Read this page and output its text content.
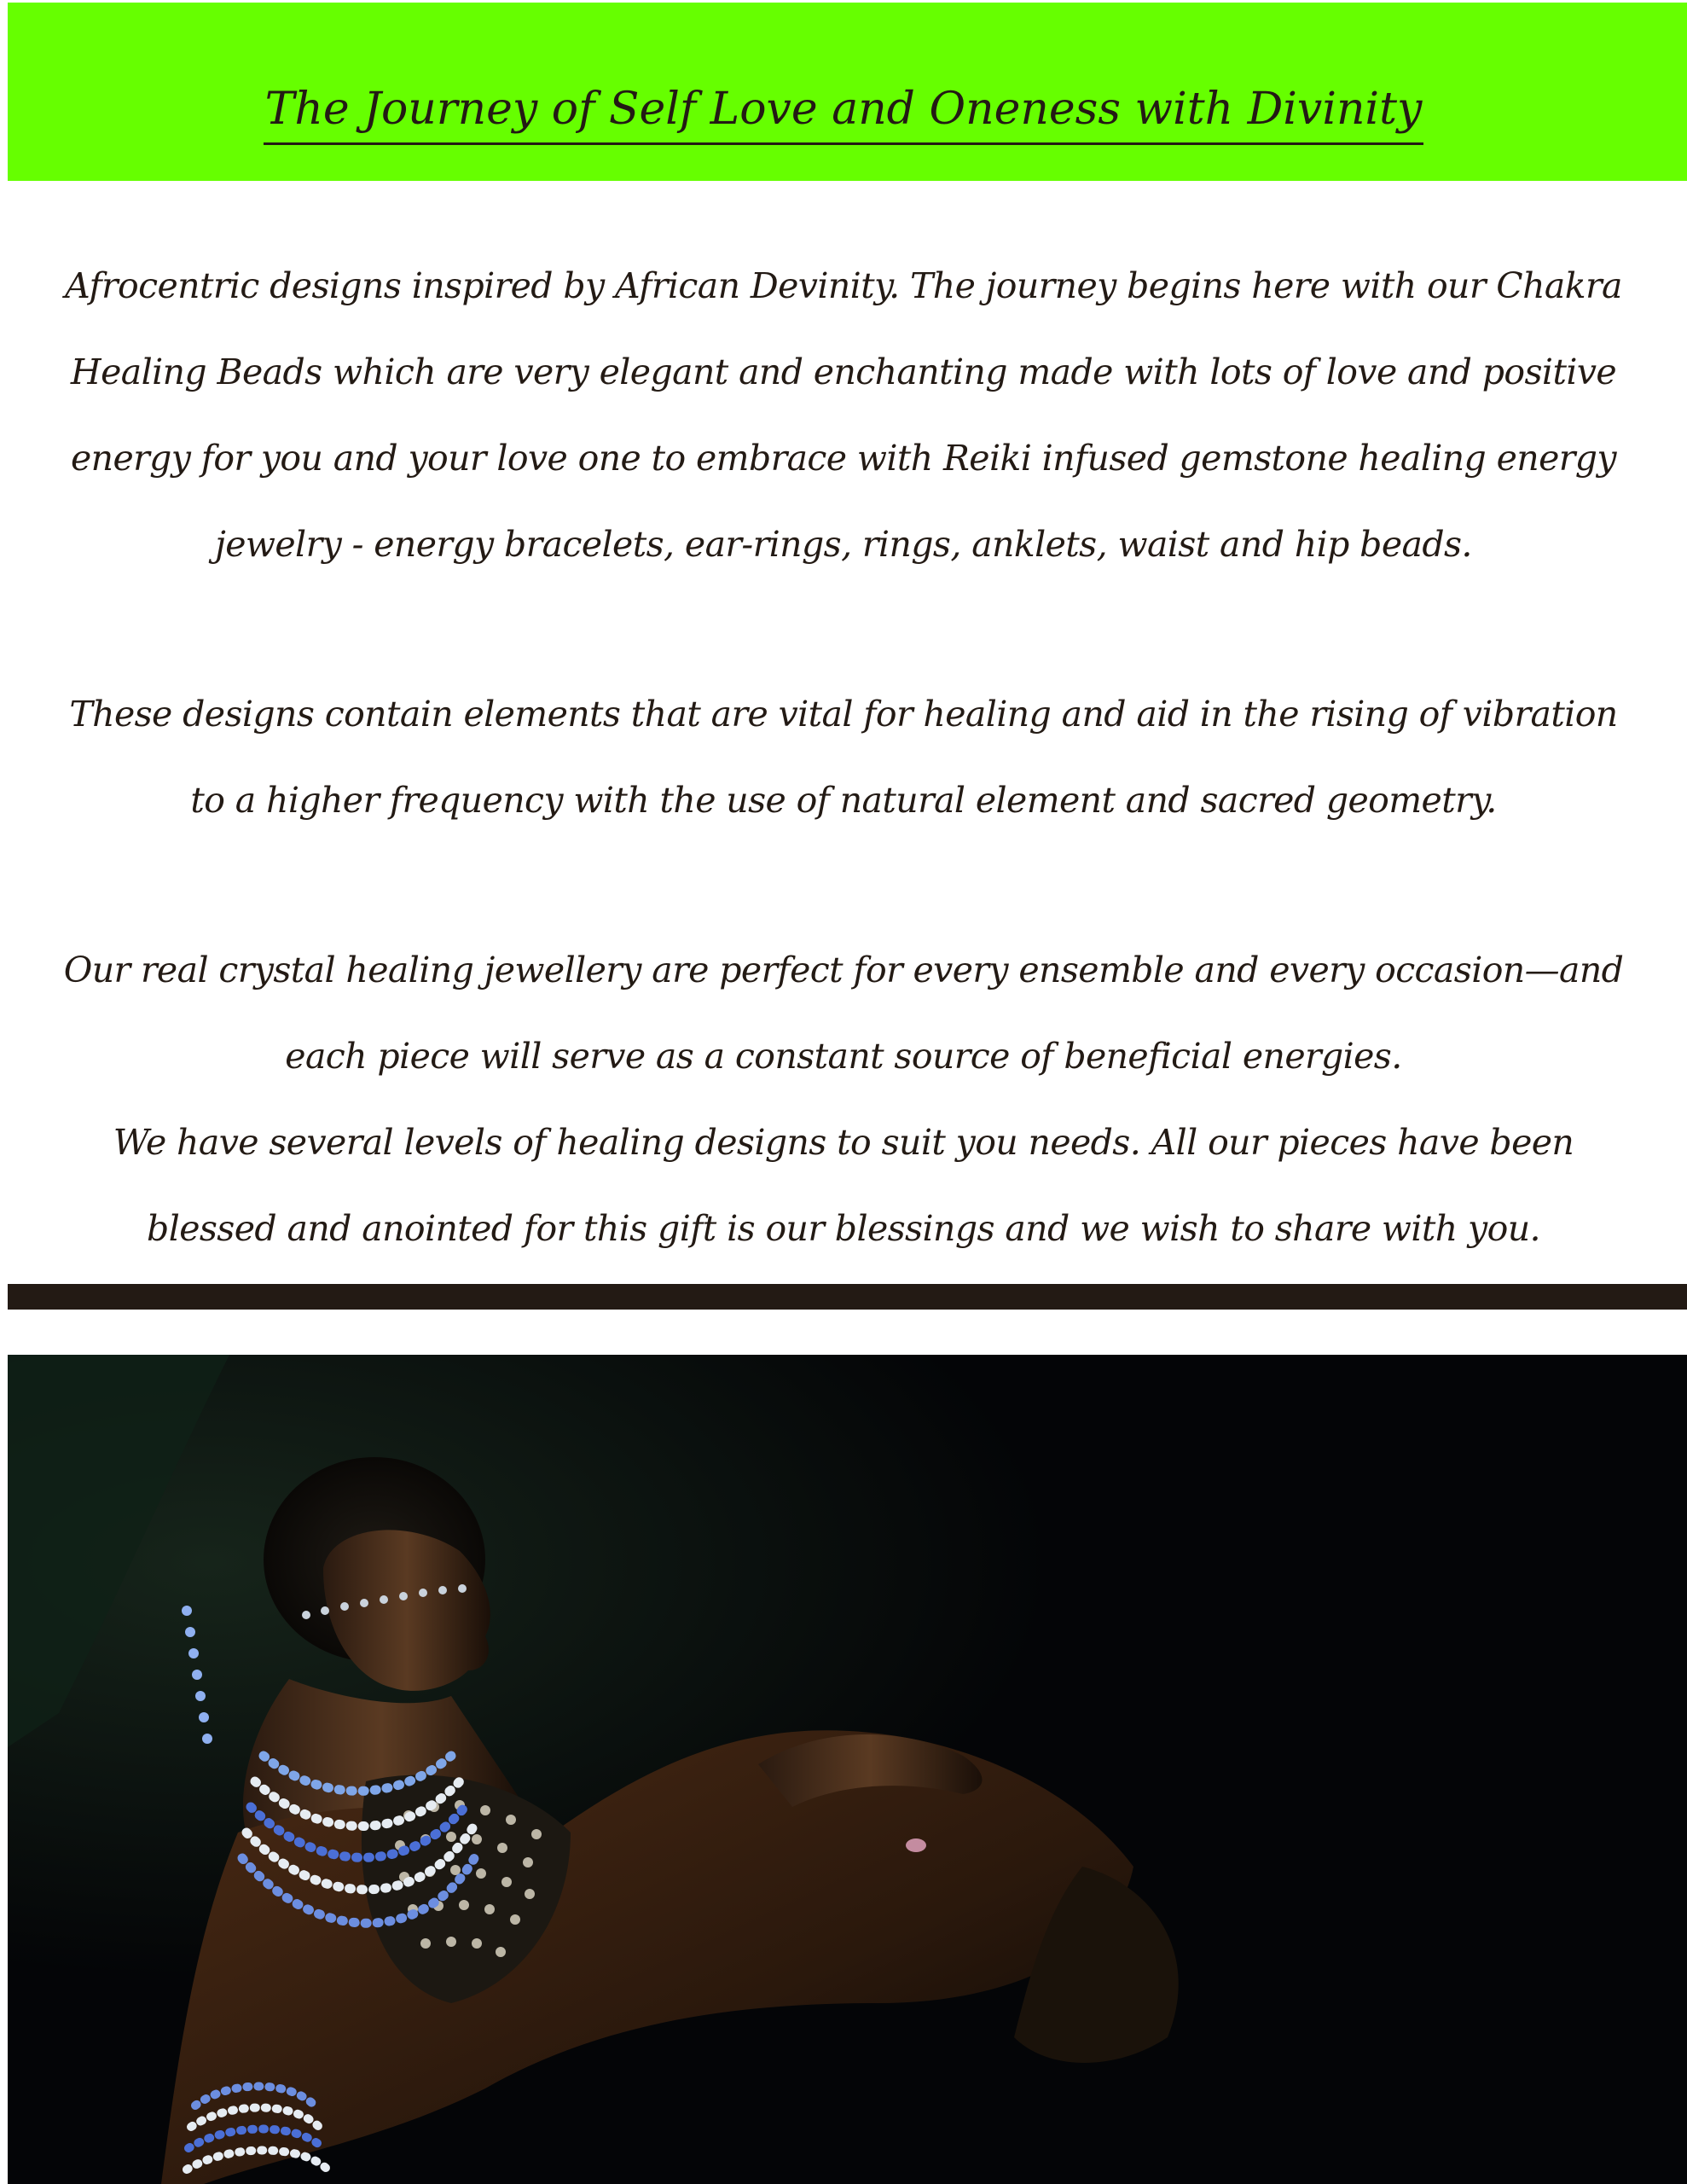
The Journey of Self Love and Oneness with Divinity

Afrocentric designs inspired by African Devinity. The journey begins here with our Chakra Healing Beads which are very elegant and enchanting made with lots of love and positive energy for you and your love one to embrace with Reiki infused gemstone healing energy jewelry - energy bracelets, ear-rings, rings, anklets, waist and hip beads.

These designs contain elements that are vital for healing and aid in the rising of vibration to a higher frequency with the use of natural element and sacred geometry.

Our real crystal healing jewellery are perfect for every ensemble and every occasion—and each piece will serve as a constant source of beneficial energies.

We have several levels of healing designs to suit you needs. All our pieces have been blessed and anointed for this gift is our blessings and we wish to share with you.
